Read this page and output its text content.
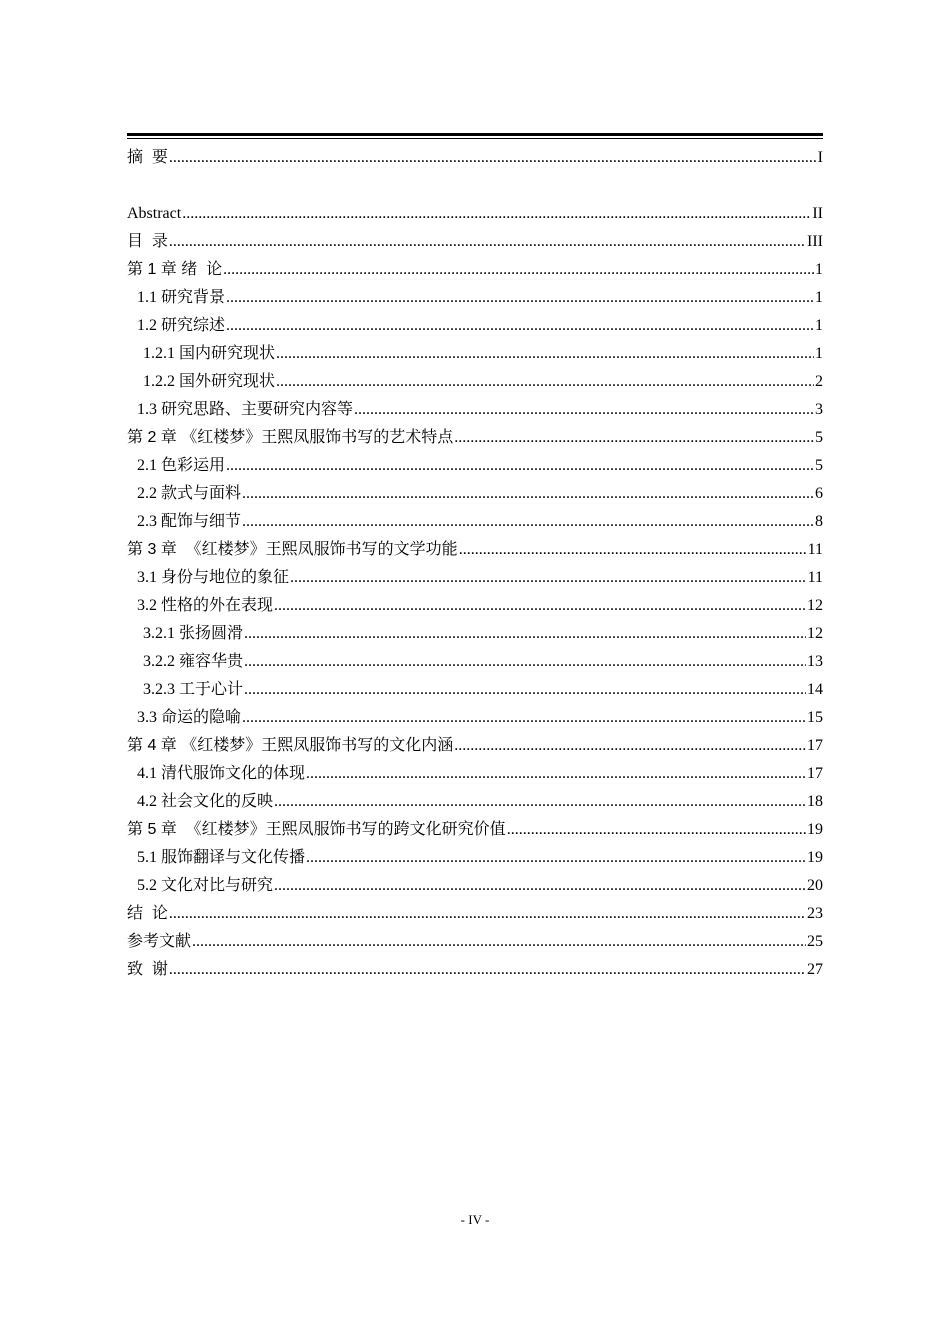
摘  要 .....	I
Abstract .....	II
目  录 .....	III
第 1 章 绪  论 .....	1
1.1 研究背景 .....	1
1.2 研究综述 .....	1
1.2.1 国内研究现状 .....	1
1.2.2 国外研究现状 .....	2
1.3 研究思路、主要研究内容等 .....	3
第 2 章 《红楼梦》王熙凤服饰书写的艺术特点 .....	5
2.1 色彩运用 .....	5
2.2 款式与面料 .....	6
2.3 配饰与细节 .....	8
第 3 章  《红楼梦》王熙凤服饰书写的文学功能 .....	11
3.1 身份与地位的象征 .....	11
3.2 性格的外在表现 .....	12
3.2.1 张扬圆滑 .....	12
3.2.2 雍容华贵 .....	13
3.2.3 工于心计 .....	14
3.3 命运的隐喻 .....	15
第 4 章 《红楼梦》王熙凤服饰书写的文化内涵 .....	17
4.1 清代服饰文化的体现 .....	17
4.2 社会文化的反映 .....	18
第 5 章  《红楼梦》王熙凤服饰书写的跨文化研究价值 .....	19
5.1 服饰翻译与文化传播 .....	19
5.2 文化对比与研究 .....	20
结  论 .....	23
参考文献 .....	25
致  谢 .....	27
- IV -
